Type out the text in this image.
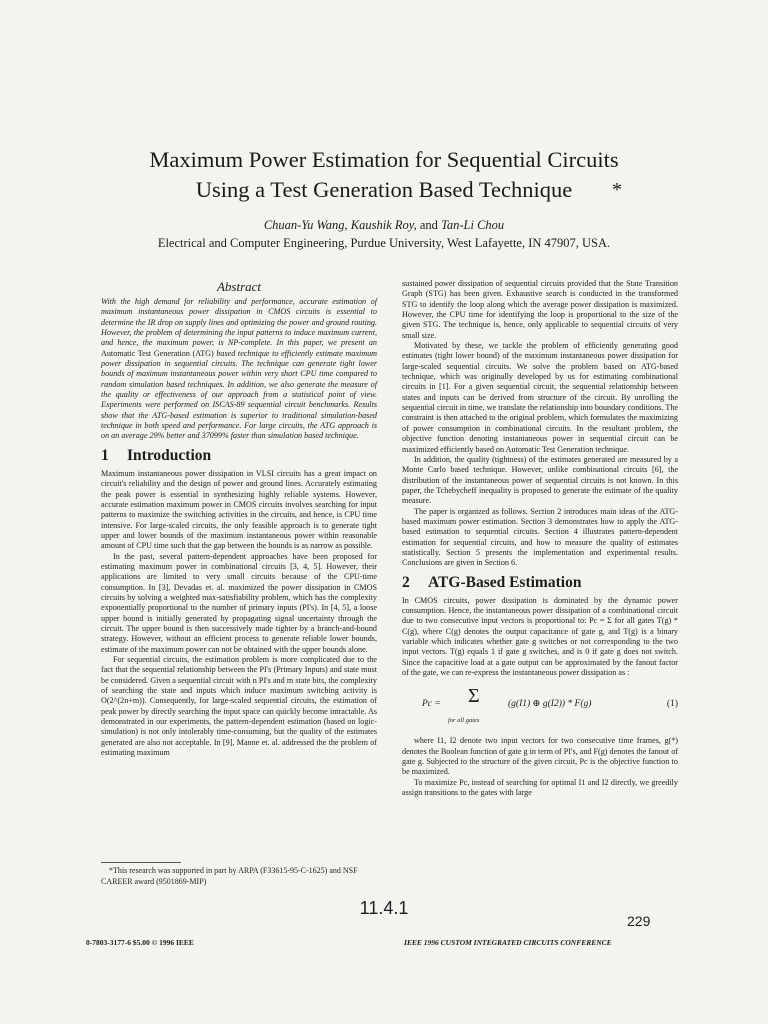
Maximum Power Estimation for Sequential Circuits
Using a Test Generation Based Technique	*
Chuan-Yu Wang, Kaushik Roy, and Tan-Li Chou
Electrical and Computer Engineering, Purdue University, West Lafayette, IN 47907, USA.
Abstract

With the high demand for reliability and performance, accurate estimation of maximum instantaneous power dissipation in CMOS circuits is essential to determine the IR drop on supply lines and optimizing the power and ground routing. However, the problem of determining the input patterns to induce maximum current, and hence, the maximum power, is NP-complete. In this paper, we present an Automatic Test Generation (ATG) based technique to efficiently estimate maximum power dissipation in sequential circuits. The technique can generate tight lower bounds of maximum instantaneous power within very short CPU time compared to random simulation based techniques. In addition, we also generate the measure of the quality or effectiveness of our approach from a statistical point of view. Experiments were performed on ISCAS-89 sequential circuit benchmarks. Results show that the ATG-based estimation is superior to traditional simulation-based technique in both speed and performance. For large circuits, the ATG approach is on an average 29% better and 37099% faster than simulation based technique.

1 Introduction

Maximum instantaneous power dissipation in VLSI circuits has a great impact on circuit's reliability and the design of power and ground lines. Accurately estimating the peak power is essential in synthesizing highly reliable systems. However, accurate estimation maximum power in CMOS circuits involves searching for input patterns to maximize the switching activities in the circuits, and hence, is CPU time intensive. For large-scaled circuits, the only feasible approach is to generate tight upper and lower bounds of the maximum instantaneous power within reasonable amount of CPU time such that the gap between the bounds is as narrow as possible.

In the past, several pattern-dependent approaches have been proposed for estimating maximum power in combinational circuits [3, 4, 5]. However, their applications are limited to very small circuits because of the CPU-time consumption. In [3], Devadas et. al. maximized the power dissipation in CMOS circuits by solving a weighted max-satisfiability problem, which has the complexity exponentially proportional to the number of primary inputs (PI's). In [4, 5], a loose upper bound is initially generated by propagating signal uncertainty through the circuit. The upper bound is then successively made tighter by a branch-and-bound strategy. However, without an efficient process to generate reliable lower bounds, estimate of the maximum power can not be obtained with the upper bounds alone.

For sequential circuits, the estimation problem is more complicated due to the fact that the sequential relationship between the PI's (Primary Inputs) and state must be considered. Given a sequential circuit with n PI's and m state bits, the complexity of searching the state and inputs which induce maximum switching activity is O(2^(2n+m)). Consequently, for large-scaled sequential circuits, the estimation of peak power by directly searching the input space can quickly become intractable. As demonstrated in our experiments, the pattern-dependent estimation (based on logic-simulation) is not only intolerably time-consuming, but the quality of the estimates generated are also not acceptable. In [9], Manne et. al. addressed the the problem of estimating maximum

*This research was supported in part by ARPA (F33615-95-C-1625) and NSF CAREER award (9501869-MIP)

sustained power dissipation of sequential circuits provided that the State Transition Graph (STG) has been given. Exhaustive search is conducted in the transformed STG to identify the loop along which the average power dissipation is maximized. However, the CPU time for identifying the loop is proportional to the size of the given STG. The technique is, hence, only applicable to sequential circuits of very small size.

Motivated by these, we tackle the problem of efficiently generating good estimates (tight lower bound) of the maximum instantaneous power dissipation for large-scaled sequential circuits. We solve the problem based on ATG-based technique, which was originally developed by us for estimating combinational circuits in [1]. For a given sequential circuit, the sequential relationship between states and inputs can be derived from structure of the circuit. By unrolling the sequential circuit in time, we translate the relationship into boundary conditions. The constraint is then attached to the original problem, which formulates the maximizing of power consumption in combinational circuits. In the resultant problem, the objective function denoting instantaneous power in sequential circuit can be maximized efficiently based on Automatic Test Generation technique.

In addition, the quality (tightness) of the estimates generated are measured by a Monte Carlo based technique. However, unlike combinational circuits [6], the distribution of the instantaneous power of sequential circuits is not known. In this paper, the Tchebycheff inequality is proposed to generate the estimate of the quality measure.

The paper is organized as follows. Section 2 introduces main ideas of the ATG-based maximum power estimation. Section 3 demonstrates how to apply the ATG-based estimation to sequential circuits. Section 4 illustrates pattern-dependent estimation for sequential circuits, and how to measure the quality of estimates statistically. Section 5 presents the implementation and experimental results. Conclusions are given in Section 6.

2 ATG-Based Estimation

In CMOS circuits, power dissipation is dominated by the dynamic power consumption. Hence, the instantaneous power dissipation of a combinational circuit due to two consecutive input vectors is proportional to: Pc = Σ for all gates T(g) * C(g), where C(g) denotes the output capacitance of gate g, and T(g) is a binary variable which indicates whether gate g switches or not corresponding to the two input vectors. T(g) equals 1 if gate g switches, and is 0 if gate g does not switch. Since the capacitive load at a gate output can be approximated by the fanout factor of the gate, we can re-express the instantaneous power dissipation as :

Pc = Σ
for all gates
(g(I1) ⊕ g(I2)) * F(g)	(1)

where I1, I2 denote two input vectors for two consecutive time frames, g(*) denotes the Boolean function of gate g in term of PI's, and F(g) denotes the fanout of gate g. Subjected to the structure of the given circuit, Pc is the objective function to be maximized.

To maximize Pc, instead of searching for optimal I1 and I2 directly, we greedily assign transitions to the gates with large

11.4.1
229
0-7803-3177-6 $5.00 © 1996 IEEE	IEEE 1996 CUSTOM INTEGRATED CIRCUITS CONFERENCE
